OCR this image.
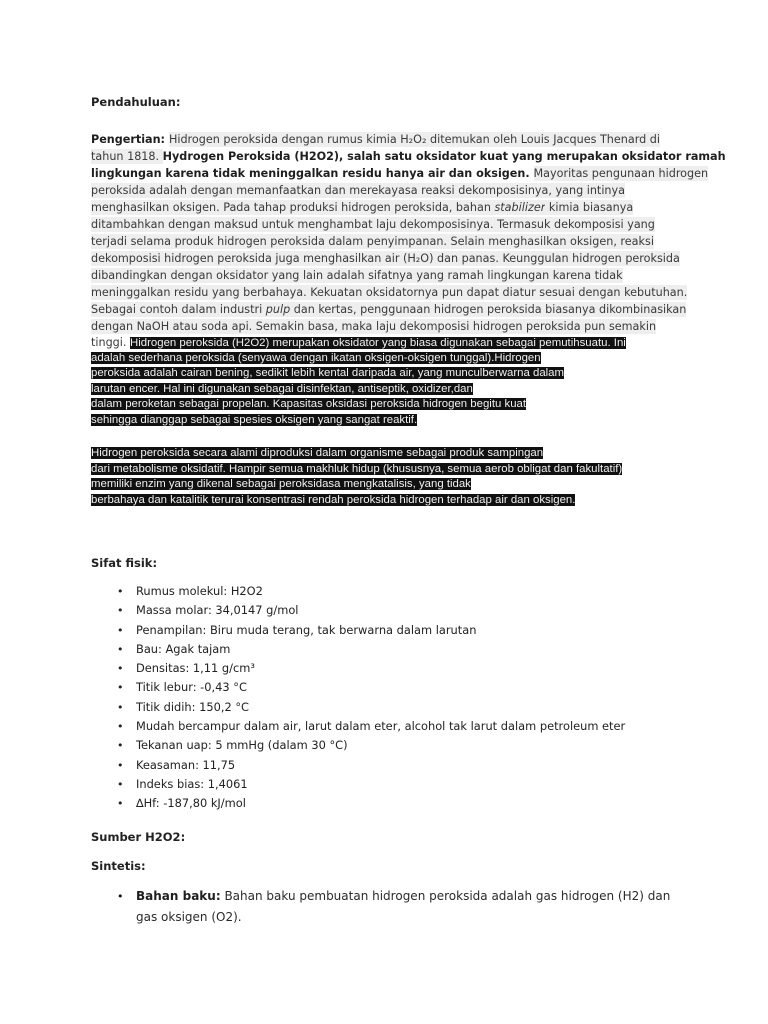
Pendahuluan:
Pengertian: Hidrogen peroksida dengan rumus kimia H₂O₂ ditemukan oleh Louis Jacques Thenard di
tahun 1818. Hydrogen Peroksida (H2O2), salah satu oksidator kuat yang merupakan oksidator ramah
lingkungan karena tidak meninggalkan residu hanya air dan oksigen. Mayoritas pengunaan hidrogen
peroksida adalah dengan memanfaatkan dan merekayasa reaksi dekomposisinya, yang intinya
menghasilkan oksigen. Pada tahap produksi hidrogen peroksida, bahan stabilizer kimia biasanya
ditambahkan dengan maksud untuk menghambat laju dekomposisinya. Termasuk dekomposisi yang
terjadi selama produk hidrogen peroksida dalam penyimpanan. Selain menghasilkan oksigen, reaksi
dekomposisi hidrogen peroksida juga menghasilkan air (H₂O) dan panas. Keunggulan hidrogen peroksida
dibandingkan dengan oksidator yang lain adalah sifatnya yang ramah lingkungan karena tidak
meninggalkan residu yang berbahaya. Kekuatan oksidatornya pun dapat diatur sesuai dengan kebutuhan.
Sebagai contoh dalam industri pulp dan kertas, penggunaan hidrogen peroksida biasanya dikombinasikan
dengan NaOH atau soda api. Semakin basa, maka laju dekomposisi hidrogen peroksida pun semakin
tinggi. Hidrogen peroksida (H2O2) merupakan oksidator yang biasa digunakan sebagai pemutihsuatu. Ini
adalah sederhana peroksida (senyawa dengan ikatan oksigen-oksigen tunggal).Hidrogen
peroksida adalah cairan bening, sedikit lebih kental daripada air, yang munculberwarna dalam
larutan encer. Hal ini digunakan sebagai disinfektan, antiseptik, oxidizer,dan
dalam peroketan sebagai propelan. Kapasitas oksidasi peroksida hidrogen begitu kuat
sehingga dianggap sebagai spesies oksigen yang sangat reaktif.
Hidrogen peroksida secara alami diproduksi dalam organisme sebagai produk sampingan
dari metabolisme oksidatif. Hampir semua makhluk hidup (khususnya, semua aerob obligat dan fakultatif)
memiliki enzim yang dikenal sebagai peroksidasa mengkatalisis, yang tidak
berbahaya dan katalitik terurai konsentrasi rendah peroksida hidrogen terhadap air dan oksigen.
Sifat fisik:
• Rumus molekul: H2O2
• Massa molar: 34,0147 g/mol
• Penampilan: Biru muda terang, tak berwarna dalam larutan
• Bau: Agak tajam
• Densitas: 1,11 g/cm³
• Titik lebur: -0,43 °C
• Titik didih: 150,2 °C
• Mudah bercampur dalam air, larut dalam eter, alcohol tak larut dalam petroleum eter
• Tekanan uap: 5 mmHg (dalam 30 °C)
• Keasaman: 11,75
• Indeks bias: 1,4061
• ∆Hf: -187,80 kJ/mol
Sumber H2O2:
Sintetis:
• Bahan baku: Bahan baku pembuatan hidrogen peroksida adalah gas hidrogen (H2) dan
gas oksigen (O2).
